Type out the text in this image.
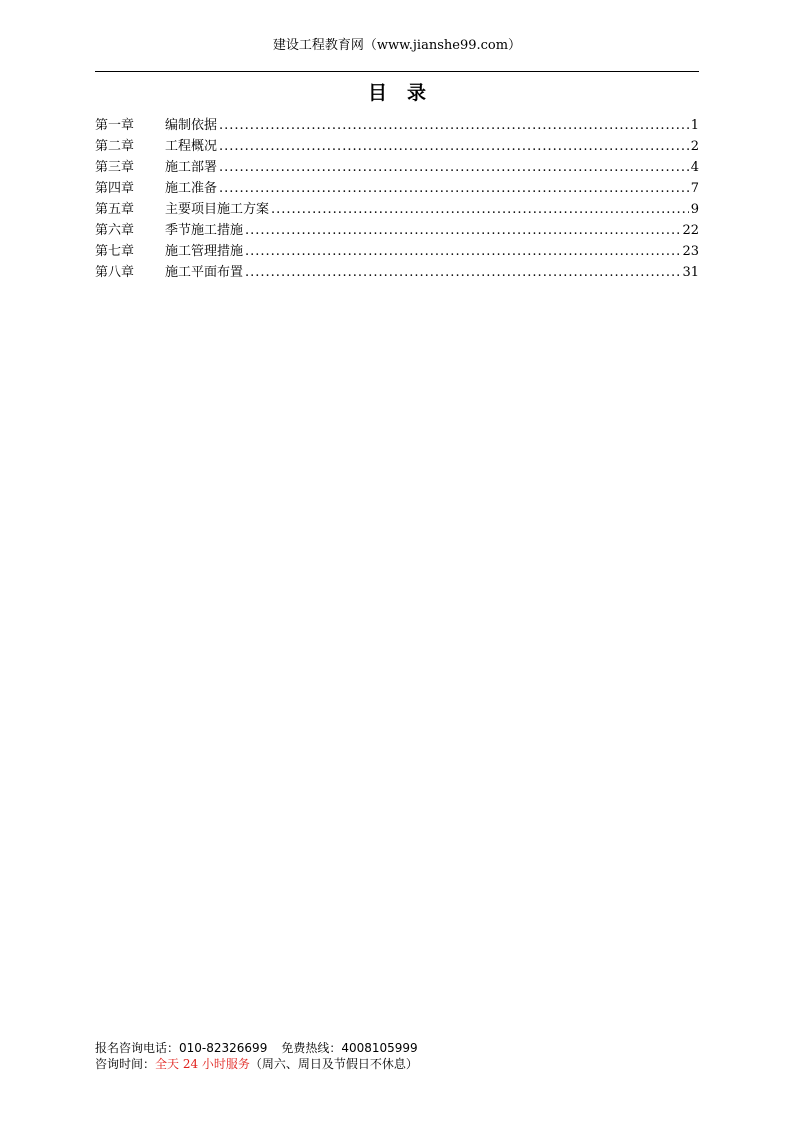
建设工程教育网（www.jianshe99.com）
目录
第一章	编制依据 .....	1
第二章	工程概况 .....	2
第三章	施工部署 .....	4
第四章	施工准备 .....	7
第五章	主要项目施工方案 .....	9
第六章	季节施工措施 .....	22
第七章	施工管理措施 .....	23
第八章	施工平面布置 .....	31
报名咨询电话：010-82326699 免费热线：4008105999
咨询时间：全天 24 小时服务（周六、周日及节假日不休息）
